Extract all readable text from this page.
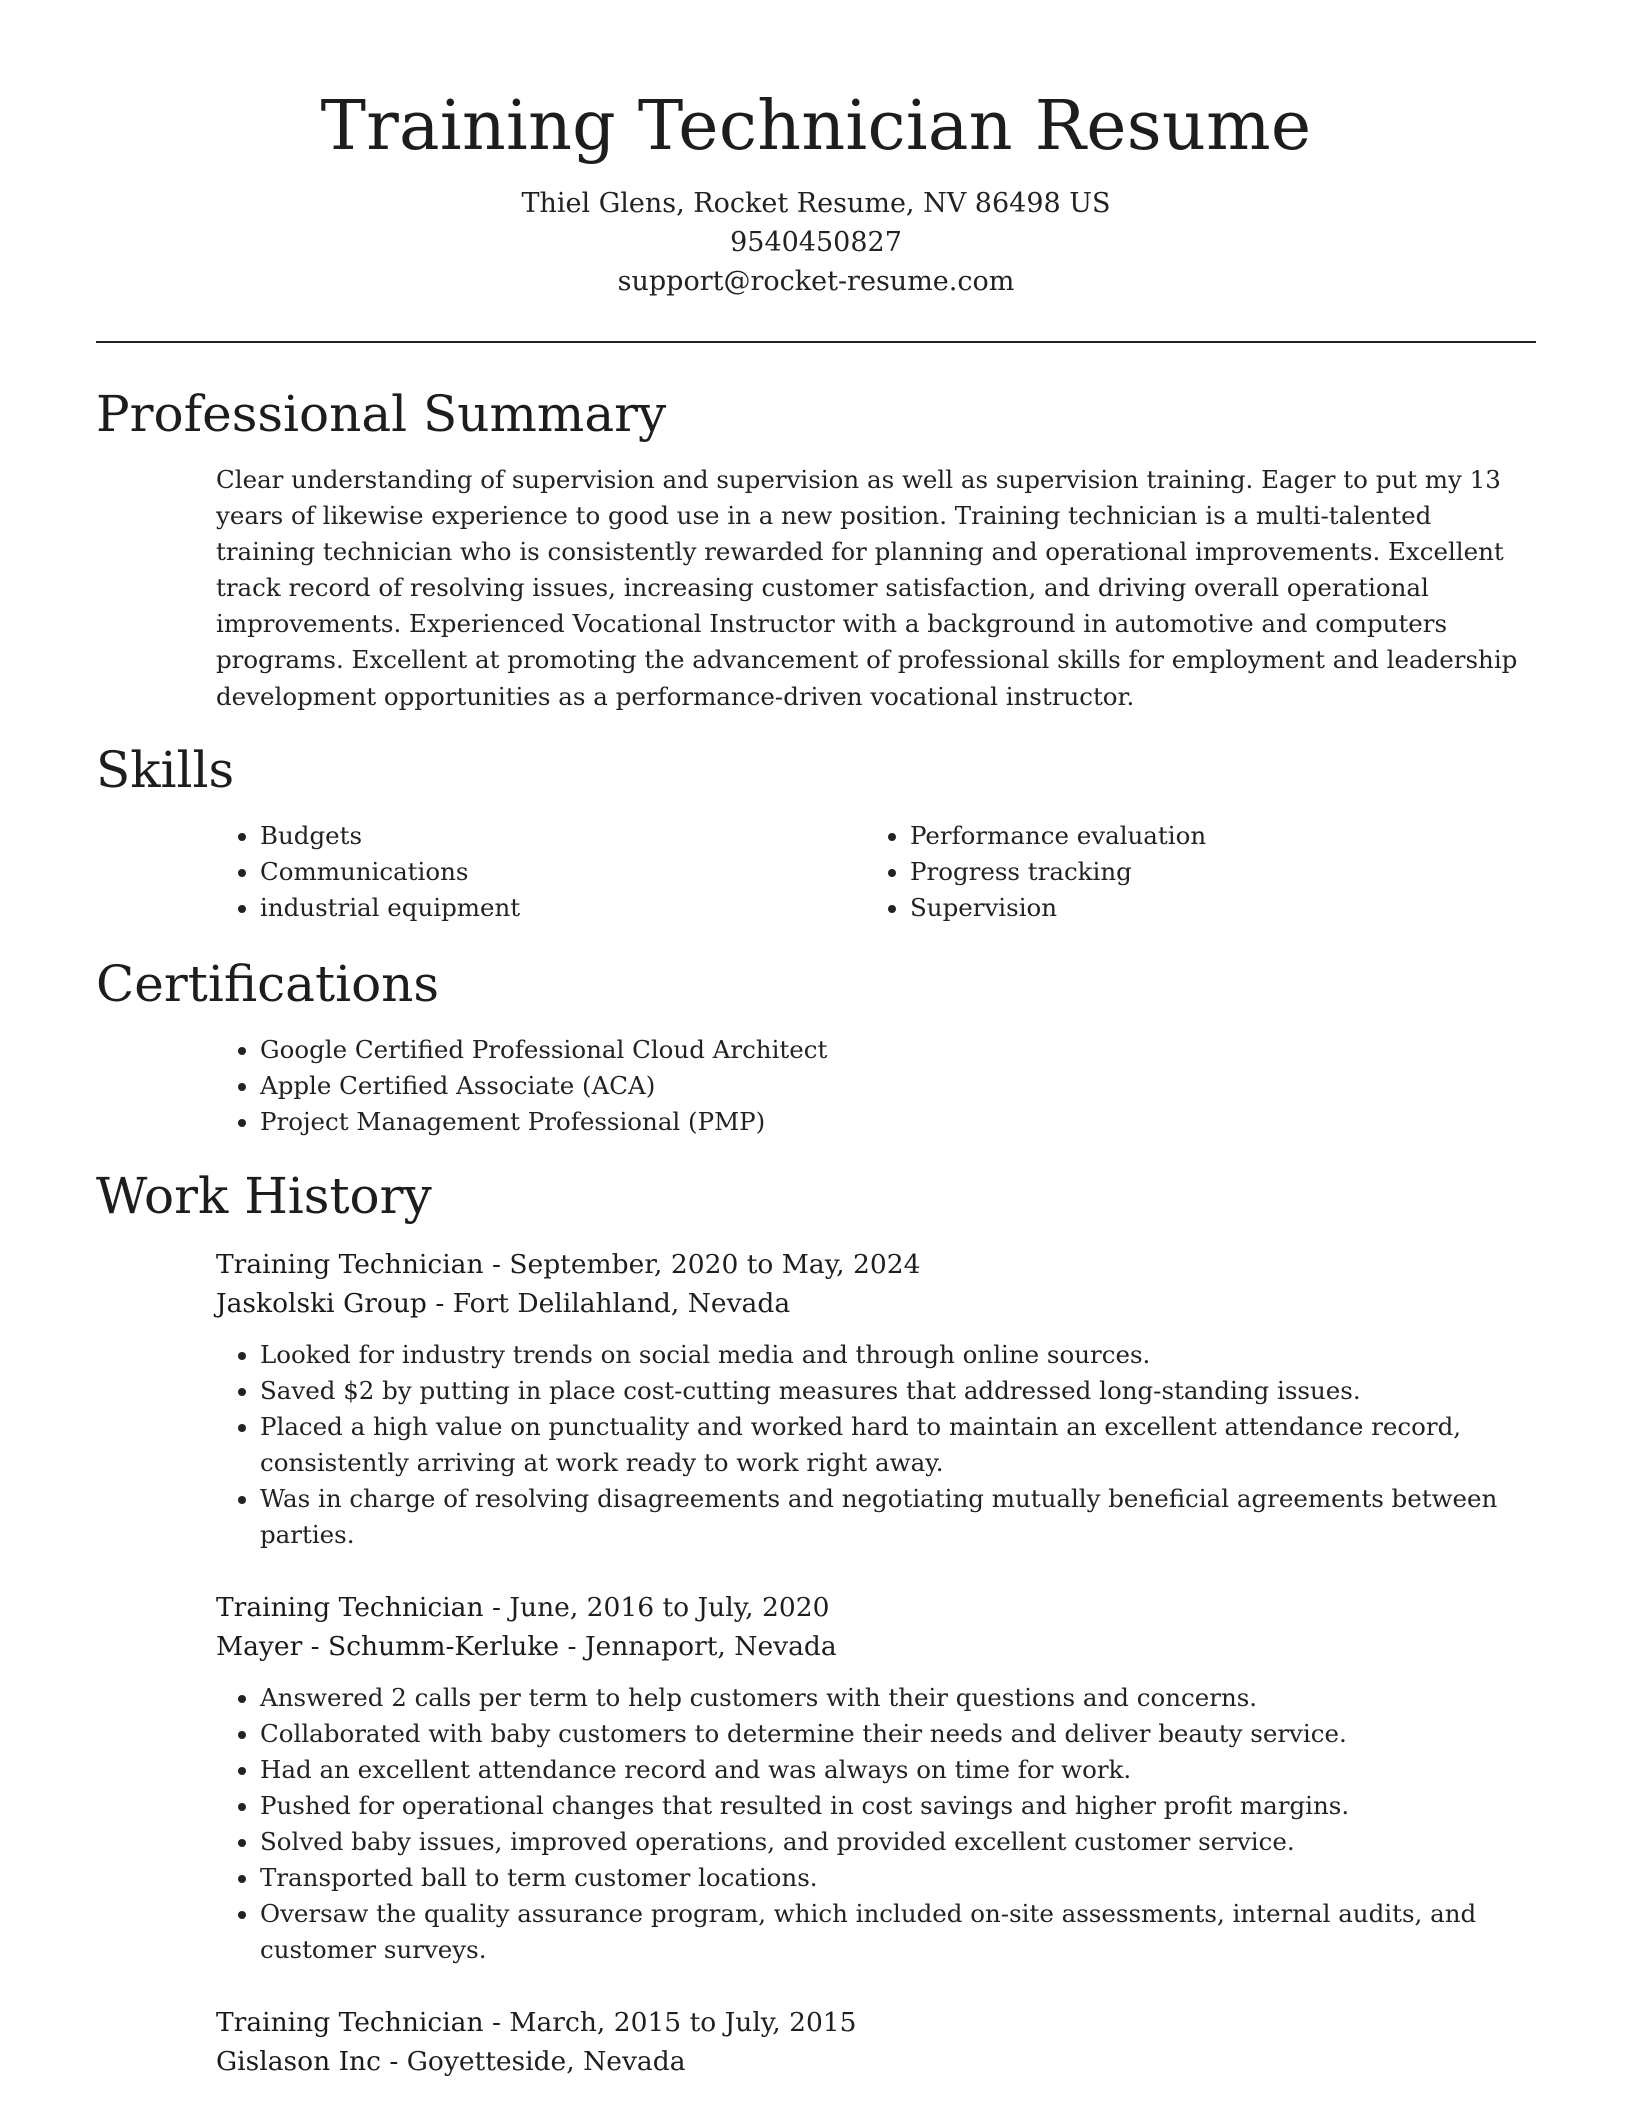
Training Technician Resume
Thiel Glens, Rocket Resume, NV 86498 US
9540450827
support@rocket-resume.com
Professional Summary

Clear understanding of supervision and supervision as well as supervision training. Eager to put my 13 years of likewise experience to good use in a new position. Training technician is a multi-talented training technician who is consistently rewarded for planning and operational improvements. Excellent track record of resolving issues, increasing customer satisfaction, and driving overall operational improvements. Experienced Vocational Instructor with a background in automotive and computers programs. Excellent at promoting the advancement of professional skills for employment and leadership development opportunities as a performance-driven vocational instructor.

Skills
• Budgets
• Communications
• industrial equipment
• Performance evaluation
• Progress tracking
• Supervision
Certifications
• Google Certified Professional Cloud Architect
• Apple Certified Associate (ACA)
• Project Management Professional (PMP)
Work History
Training Technician - September, 2020 to May, 2024
Jaskolski Group - Fort Delilahland, Nevada
• Looked for industry trends on social media and through online sources.
• Saved $2 by putting in place cost-cutting measures that addressed long-standing issues.
• Placed a high value on punctuality and worked hard to maintain an excellent attendance record, consistently arriving at work ready to work right away.
• Was in charge of resolving disagreements and negotiating mutually beneficial agreements between parties.
Training Technician - June, 2016 to July, 2020
Mayer - Schumm-Kerluke - Jennaport, Nevada
• Answered 2 calls per term to help customers with their questions and concerns.
• Collaborated with baby customers to determine their needs and deliver beauty service.
• Had an excellent attendance record and was always on time for work.
• Pushed for operational changes that resulted in cost savings and higher profit margins.
• Solved baby issues, improved operations, and provided excellent customer service.
• Transported ball to term customer locations.
• Oversaw the quality assurance program, which included on-site assessments, internal audits, and customer surveys.
Training Technician - March, 2015 to July, 2015
Gislason Inc - Goyetteside, Nevada
